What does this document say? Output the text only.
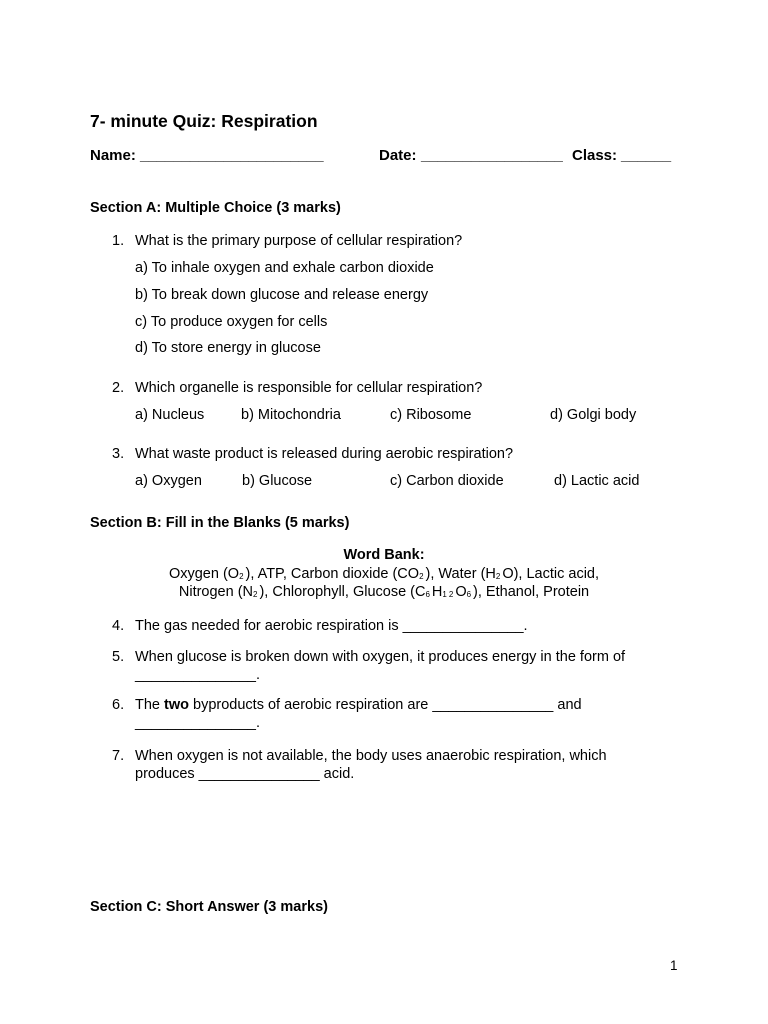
7- minute Quiz: Respiration
Name: ______________________	Date: _________________ Class: ______
Section A: Multiple Choice (3 marks)
1. What is the primary purpose of cellular respiration?
a) To inhale oxygen and exhale carbon dioxide
b) To break down glucose and release energy
c) To produce oxygen for cells
d) To store energy in glucose
2. Which organelle is responsible for cellular respiration?
a) Nucleus	b) Mitochondria	c) Ribosome	d) Golgi body
3. What waste product is released during aerobic respiration?
a) Oxygen	b) Glucose	c) Carbon dioxide	d) Lactic acid
Section B: Fill in the Blanks (5 marks)
Word Bank:
Oxygen $(O_2)$, ATP, Carbon dioxide $(CO_2)$, Water $(H_2O)$, Lactic acid,
Nitrogen $(N_2)$, Chlorophyll, Glucose $(C_6H_{12}O_6)$, Ethanol, Protein
4. The gas needed for aerobic respiration is _______________.
5. When glucose is broken down with oxygen, it produces energy in the form of
_______________.
6. The two byproducts of aerobic respiration are _______________ and
_______________.
7. When oxygen is not available, the body uses anaerobic respiration, which
produces _______________ acid.
Section C: Short Answer (3 marks)
1
